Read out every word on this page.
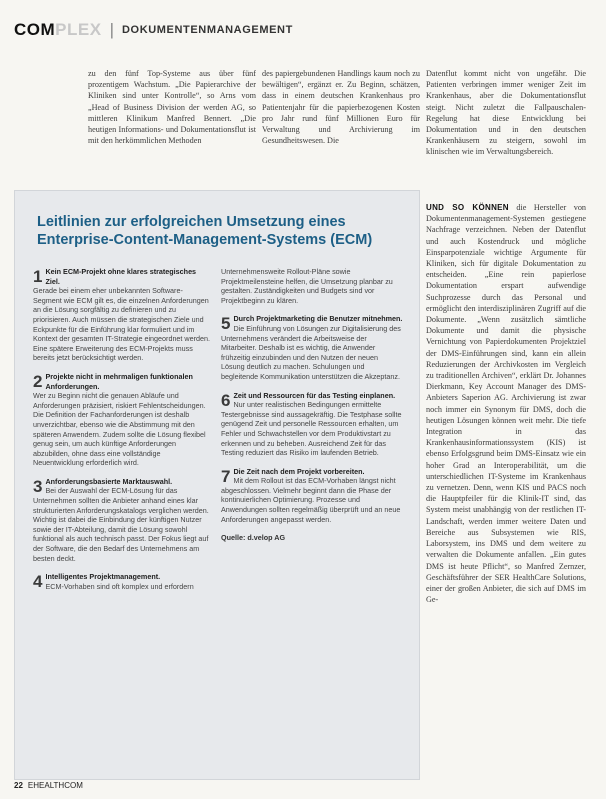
COM PLEX | DOKUMENTENMANAGEMENT

zu den fünf Top-Systeme aus über fünf prozentigem Wachstum. „Die Papierarchive der Kliniken sind unter Kontrolle“, so Arns vom „Head of Business Division der werden AG, so mittleren Klinikum Manfred Bennert. „Die heutigen Informations- und Dokumentationsflut ist mit den herkömmlichen Methoden

des papiergebundenen Handlings kaum noch zu bewältigen“, ergänzt er. Zu Beginn, schätzen, dass in einem deutschen Krankenhaus pro Patientenjahr für die papierbezogenen Kosten pro Jahr rund fünf Millionen Euro für Verwaltung und Archivierung im Gesundheitswesen. Die

Datenflut kommt nicht von ungefähr. Die Patienten verbringen immer weniger Zeit im Krankenhaus, aber die Dokumentationsflut steigt. Nicht zuletzt die Fallpauschalen-Regelung hat diese Entwicklung bei Dokumentation und in den deutschen Krankenhäusern zu steigern, sowohl im klinischen wie im Verwaltungsbereich.

UND SO KÖNNEN die Hersteller von Dokumentenmanagement-Systemen gestiegene Nachfrage verzeichnen. Neben der Datenflut und auch Kostendruck und mögliche Einsparpotenziale wichtige Argumente für Kliniken, sich für digitale Dokumentation zu entscheiden. „Eine rein papierlose Dokumentation erspart aufwendige Suchprozesse durch das Personal und ermöglicht den interdisziplinären Zugriff auf die Dokumente. „Wenn zusätzlich sämtliche Dokumente und damit die physische Vernichtung von Papierdokumenten Projektziel der DMS-Einführungen sind, kann ein allein Reduzierungen der Archivkosten im Vergleich zu traditionellen Archiven“, erklärt Dr. Johannes Dierkmann, Key Account Manager des DMS-Anbieters Saperion AG. Archivierung ist zwar noch immer ein Synonym für DMS, doch die heutigen Lösungen können weit mehr. Die tiefe Integration in das Krankenhausinformationssystem (KIS) ist ebenso Erfolgsgrund beim DMS-Einsatz wie ein hoher Grad an Interoperabilität, um die unterschiedlichen IT-Systeme im Krankenhaus zu vernetzen. Denn, wenn KIS und PACS noch die Hauptpfeiler für die Klinik-IT sind, das System meist unabhängig von der restlichen IT-Landschaft, werden immer weitere Daten und Bereiche aus Subsystemen wie RIS, Laborsystem, ins DMS und dem weitere zu verwalten die Dokumente anfallen. „Ein gutes DMS ist heute Pflicht“, so Manfred Zernzer, Geschäftsführer der SER HealthCare Solutions, einer der großen Anbieter, die sich auf DMS im Ge-

Leitlinien zur erfolgreichen Umsetzung eines

Enterprise-Content-Management-Systems (ECM)

1 Kein ECM-Projekt ohne klares strategisches Ziel.
Gerade bei einem eher unbekannten Software-Segment wie ECM gilt es, die einzelnen Anforderungen an die Lösung sorgfältig zu definieren und zu priorisieren. Auch müssen die strategischen Ziele und Eckpunkte für die Einführung klar formuliert und im Kontext der gesamten IT-Strategie eingeordnet werden. Eine spätere Erweiterung des ECM-Projekts muss bereits jetzt berücksichtigt werden.
2 Projekte nicht in mehrmaligen funktionalen Anforderungen.
Wer zu Beginn nicht die genauen Abläufe und Anforderungen präzisiert, riskiert Fehlentscheidungen. Die Definition der Fachanforderungen ist deshalb unverzichtbar, ebenso wie die Abstimmung mit den späteren Anwendern. Zudem sollte die Lösung flexibel genug sein, um auch künftige Anforderungen abzubilden, ohne dass eine vollständige Neuentwicklung erforderlich wird.
3 Anforderungsbasierte Marktauswahl.
Bei der Auswahl der ECM-Lösung für das Unternehmen sollten die Anbieter anhand eines klar strukturierten Anforderungskatalogs verglichen werden. Wichtig ist dabei die Einbindung der künftigen Nutzer sowie der IT-Abteilung, damit die Lösung sowohl funktional als auch technisch passt. Der Fokus liegt auf der Software, die den Bedarf des Unternehmens am besten deckt.
4 Intelligentes Projektmanagement.
ECM-Vorhaben sind oft komplex und erfordern
Unternehmensweite Rollout-Pläne sowie Projektmeilensteine helfen, die Umsetzung planbar zu gestalten. Zuständigkeiten und Budgets sind vor Projektbeginn zu klären.
5 Durch Projektmarketing die Benutzer mitnehmen.
Die Einführung von Lösungen zur Digitalisierung des Unternehmens verändert die Arbeitsweise der Mitarbeiter. Deshalb ist es wichtig, die Anwender frühzeitig einzubinden und den Nutzen der neuen Lösung deutlich zu machen. Schulungen und begleitende Kommunikation unterstützen die Akzeptanz.
6 Zeit und Ressourcen für das Testing einplanen.
Nur unter realistischen Bedingungen ermittelte Testergebnisse sind aussagekräftig. Die Testphase sollte genügend Zeit und personelle Ressourcen erhalten, um Fehler und Schwachstellen vor dem Produktivstart zu erkennen und zu beheben. Ausreichend Zeit für das Testing reduziert das Risiko im laufenden Betrieb.
7 Die Zeit nach dem Projekt vorbereiten.
Mit dem Rollout ist das ECM-Vorhaben längst nicht abgeschlossen. Vielmehr beginnt dann die Phase der kontinuierlichen Optimierung. Prozesse und Anwendungen sollten regelmäßig überprüft und an neue Anforderungen angepasst werden.
Quelle: d.velop AG
22 EHEALTHCOM
